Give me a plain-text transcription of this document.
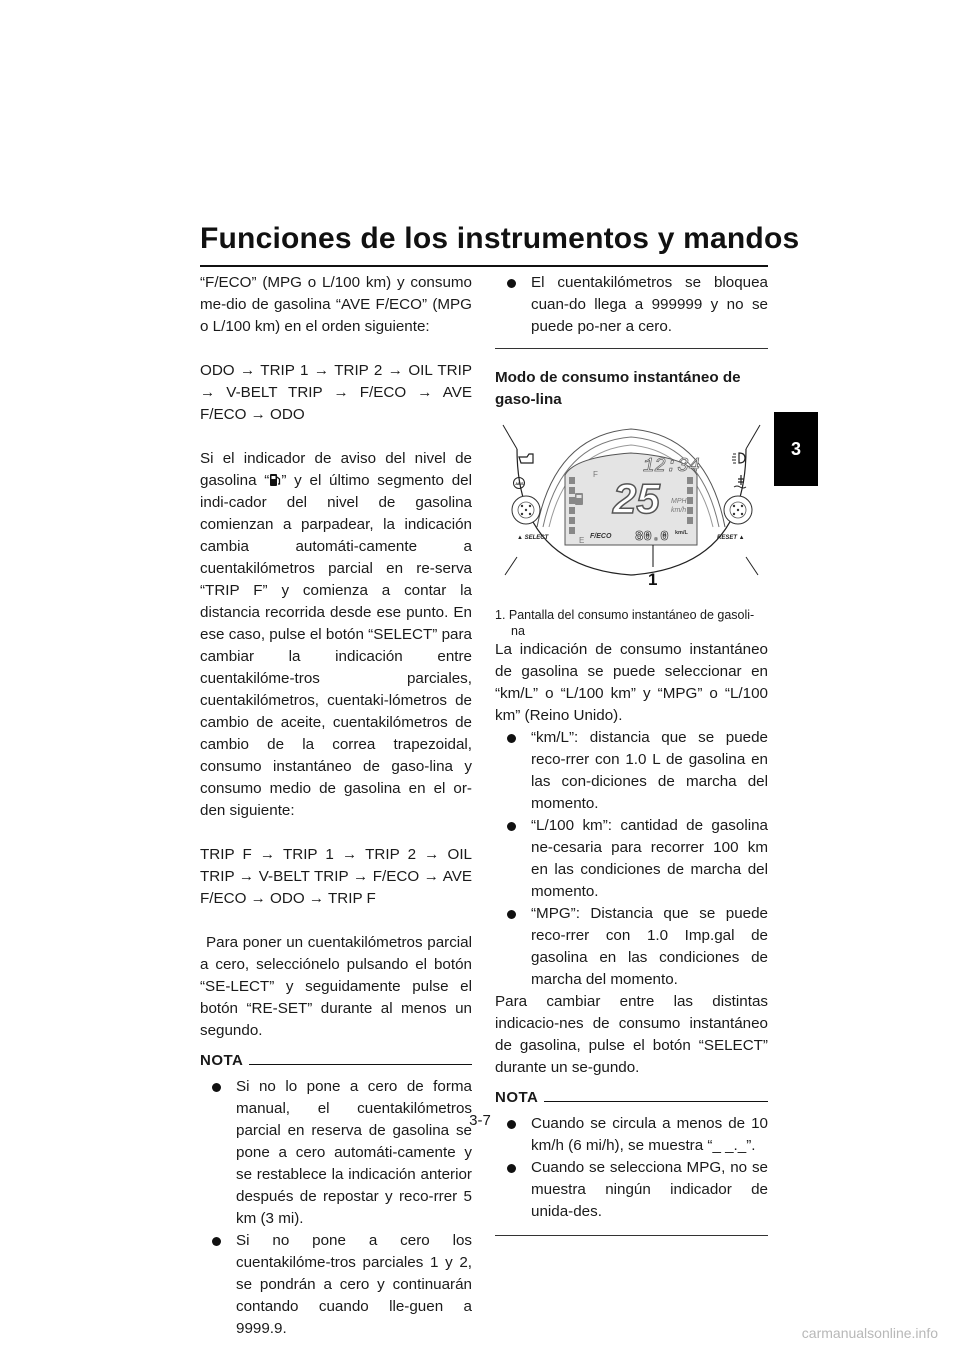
Funciones de los instrumentos y mandos
3

“F/ECO” (MPG o L/100 km) y consumo me-dio de gasolina “AVE F/ECO” (MPG o L/100 km) en el orden siguiente:

ODO → TRIP 1 → TRIP 2 → OIL TRIP → V-BELT TRIP → F/ECO → AVE F/ECO → ODO

Si el indicador de aviso del nivel de gasolina “ ” y el último segmento del indi-cador del nivel de gasolina comienzan a parpadear, la indicación cambia automáti-camente a cuentakilómetros parcial en re-serva “TRIP F” y comienza a contar la distancia recorrida desde ese punto. En ese caso, pulse el botón “SELECT” para cambiar la indicación entre cuentakilóme-tros parciales, cuentakilómetros, cuentaki-lómetros de cambio de aceite, cuentakilómetros de cambio de la correa trapezoidal, consumo instantáneo de gaso-lina y consumo medio de gasolina en el or-den siguiente:

TRIP F → TRIP 1 → TRIP 2 → OIL TRIP → V-BELT TRIP → F/ECO → AVE F/ECO → ODO → TRIP F

Para poner un cuentakilómetros parcial a cero, selecciónelo pulsando el botón “SE-LECT” y seguidamente pulse el botón “RE-SET” durante al menos un segundo.

NOTA
Si no lo pone a cero de forma manual, el cuentakilómetros parcial en reserva de gasolina se pone a cero automáti-camente y se restablece la indicación anterior después de repostar y reco-rrer 5 km (3 mi).
Si no pone a cero los cuentakilóme-tros parciales 1 y 2, se pondrán a cero y continuarán contando cuando lle-guen a 9999.9.
El cuentakilómetros se bloquea cuan-do llega a 999999 y no se puede po-ner a cero.
Modo de consumo instantáneo de gaso-lina
12:34
25 MPH
km/h
F
E F/ECO 80.0 km/L
▲ SELECT	RESET ▲
ABS
1

1. Pantalla del consumo instantáneo de gasoli-na

La indicación de consumo instantáneo de gasolina se puede seleccionar en “km/L” o “L/100 km” y “MPG” o “L/100 km” (Reino Unido).

“km/L”: distancia que se puede reco-rrer con 1.0 L de gasolina en las con-diciones de marcha del momento.
“L/100 km”: cantidad de gasolina ne-cesaria para recorrer 100 km en las condiciones de marcha del momento.
“MPG”: Distancia que se puede reco-rrer con 1.0 Imp.gal de gasolina en las condiciones de marcha del momento.

Para cambiar entre las distintas indicacio-nes de consumo instantáneo de gasolina, pulse el botón “SELECT” durante un se-gundo.

NOTA
Cuando se circula a menos de 10 km/h (6 mi/h), se muestra “_ _._”.
Cuando se selecciona MPG, no se muestra ningún indicador de unida-des.
3-7
carmanualsonline.info
